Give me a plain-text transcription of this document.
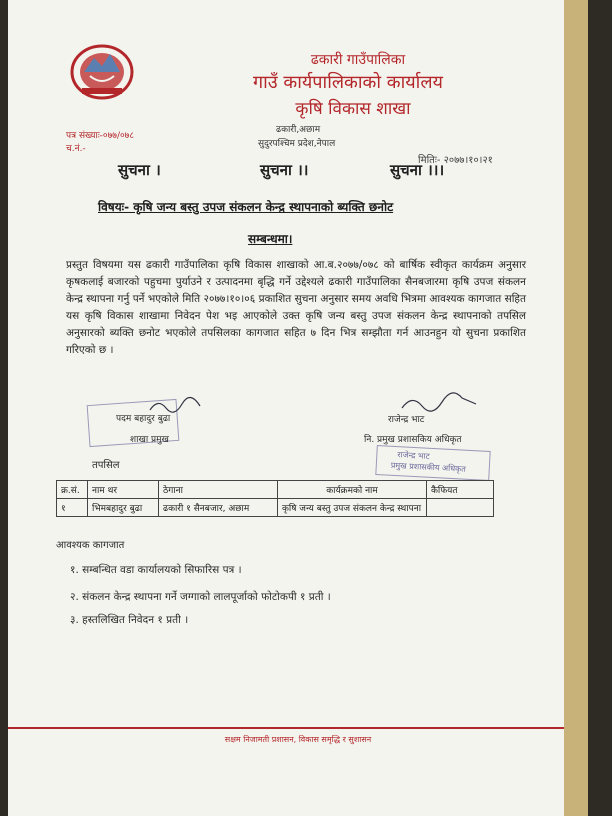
ढकारी गाउँपालिका
गाउँ कार्यपालिकाको कार्यालय
कृषि विकास शाखा
ढकारी,अछाम
सुदुरपश्चिम प्रदेश,नेपाल
पत्र संख्याः-०७७/०७८
च.नं.-
मितिः- २०७७।१०।२१
सुचना ।	सुचना ।।	सुचना ।।।
विषयः- कृषि जन्य बस्तु उपज संकलन केन्द्र स्थापनाको ब्यक्ति छनोट
सम्बन्धमा।
प्रस्तुत विषयमा यस ढकारी गाउँपालिका कृषि विकास शाखाको आ.ब.२०७७/०७८ को बार्षिक स्वीकृत कार्यक्रम अनुसार कृषकलाई बजारको पहुचमा पुर्याउने र उत्पादनमा बृद्धि गर्ने उद्देश्यले ढकारी गाउँपालिका सैनबजारमा कृषि उपज संकलन केन्द्र स्थापना गर्नु पर्ने भएकोले मिति २०७७।१०।०६ प्रकाशित सुचना अनुसार समय अवधि भित्रमा आवश्यक कागजात सहित यस कृषि विकास शाखामा निवेदन पेश भइ आएकोले उक्त कृषि जन्य बस्तु उपज संकलन केन्द्र स्थापनाको तपसिल अनुसारको ब्यक्ति छनोट भएकोले तपसिलका कागजात सहित ७ दिन भित्र सम्झौता गर्न आउनहुन यो सुचना प्रकाशित गरिएको छ ।
पदम बहादुर बुढा
शाखा प्रमुख
राजेन्द्र भाट
नि. प्रमुख प्रशासकिय अधिकृत
राजेन्द्र भाट
प्रमुख प्रशासकीय अधिकृत
तपसिल
क्र.सं.	नाम थर	ठेगाना	कार्यक्रमको नाम	कैफियत
१	भिमबहादुर बुढा	ढकारी १ सैनबजार, अछाम	कृषि जन्य बस्तु उपज संकलन केन्द्र स्थापना	
आवश्यक कागजात
१. सम्बन्धित वडा कार्यालयको सिफारिस पत्र ।
२. संकलन केन्द्र स्थापना गर्ने जग्गाको लालपूर्जाको फोटोकपी १ प्रती ।
३. हस्तलिखित निवेदन १ प्रती ।
सक्षम निजामती प्रशासन, विकास समृद्धि र सुशासन
